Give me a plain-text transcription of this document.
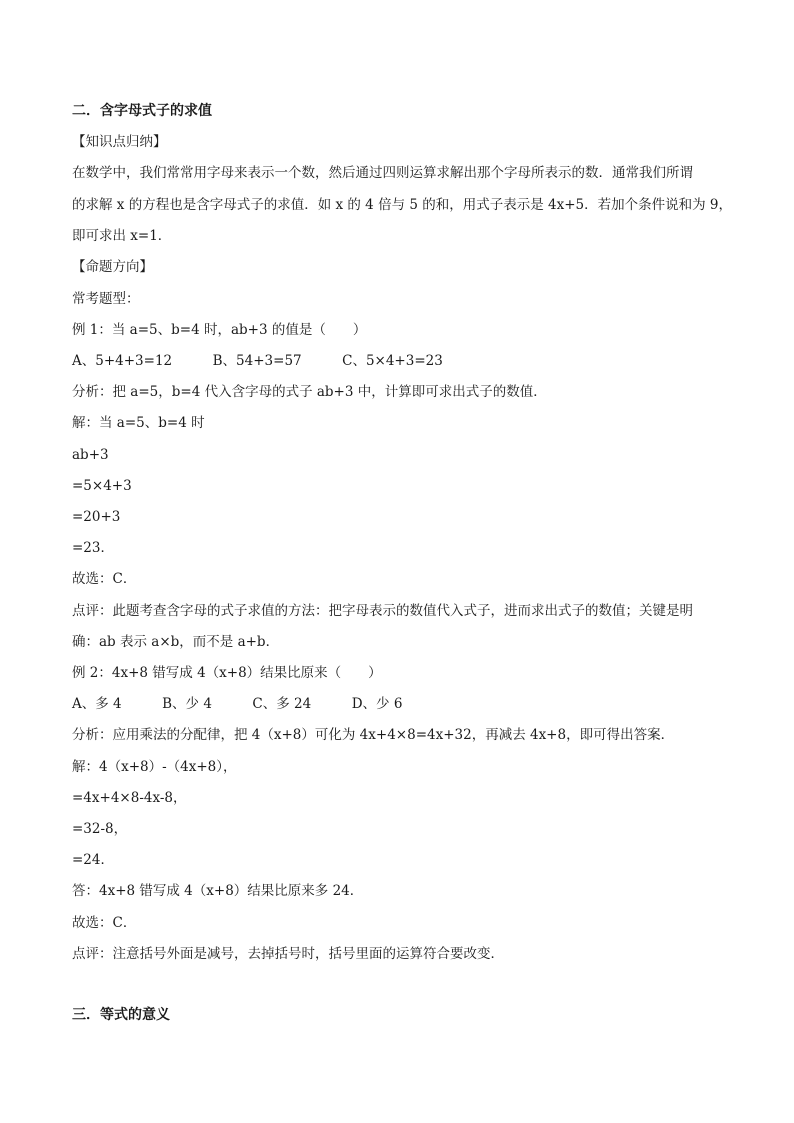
二．含字母式子的求值
【知识点归纳】
在数学中，我们常常用字母来表示一个数，然后通过四则运算求解出那个字母所表示的数．通常我们所谓
的求解 x 的方程也是含字母式子的求值．如 x 的 4 倍与 5 的和，用式子表示是 4x+5．若加个条件说和为 9，
即可求出 x=1．
【命题方向】
常考题型：
例 1：当 a=5、b=4 时，ab+3 的值是（　　）
A、5+4+3=12　　　B、54+3=57　　　C、5×4+3=23
分析：把 a=5，b=4 代入含字母的式子 ab+3 中，计算即可求出式子的数值．
解：当 a=5、b=4 时
ab+3
=5×4+3
=20+3
=23．
故选：C．
点评：此题考查含字母的式子求值的方法：把字母表示的数值代入式子，进而求出式子的数值；关键是明
确：ab 表示 a×b，而不是 a+b．
例 2：4x+8 错写成 4（x+8）结果比原来（　　）
A、多 4　　　B、少 4　　　C、多 24　　　D、少 6
分析：应用乘法的分配律，把 4（x+8）可化为 4x+4×8=4x+32，再减去 4x+8，即可得出答案．
解：4（x+8）-（4x+8），
=4x+4×8-4x-8，
=32-8，
=24．
答：4x+8 错写成 4（x+8）结果比原来多 24．
故选：C．
点评：注意括号外面是减号，去掉括号时，括号里面的运算符合要改变．
三．等式的意义
